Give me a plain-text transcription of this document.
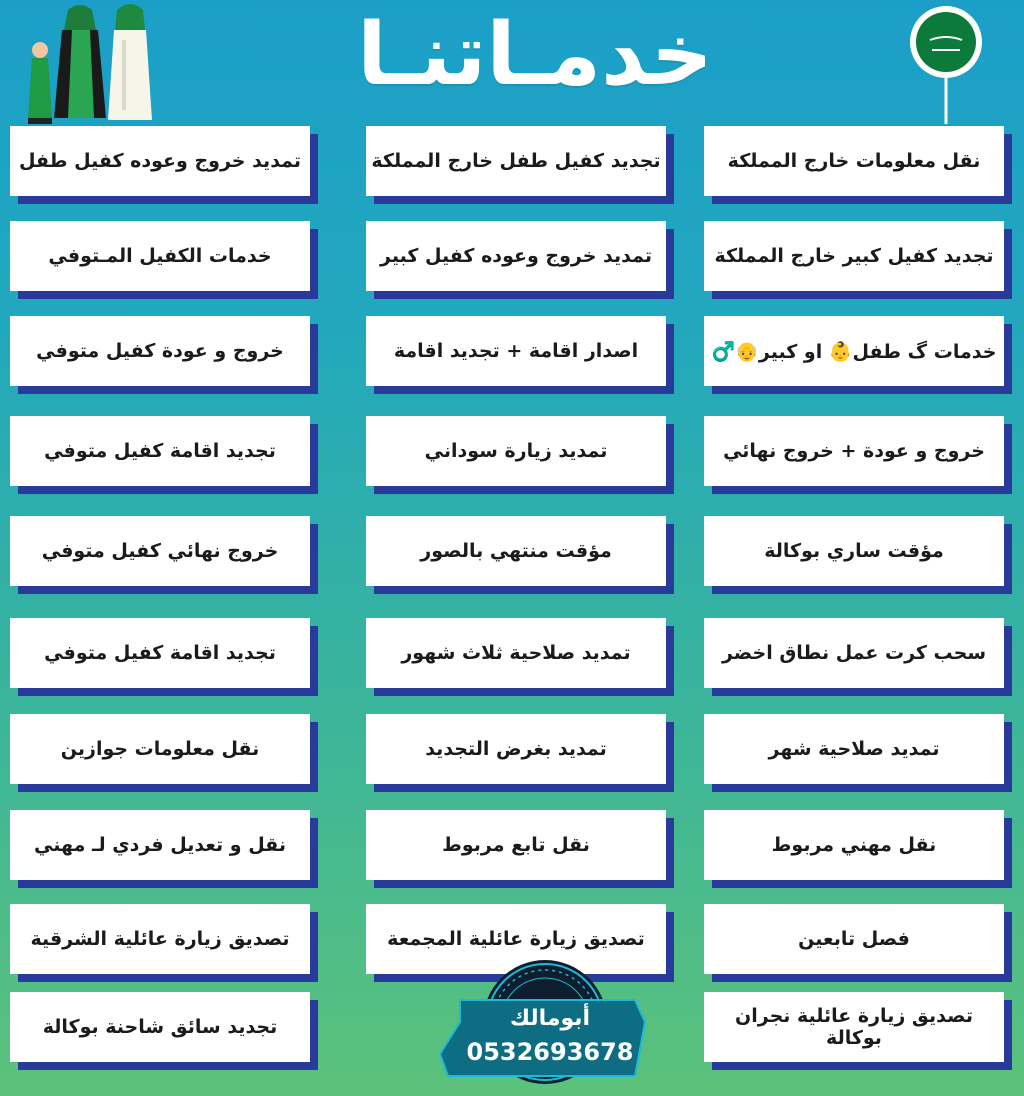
خدمـاتنـا
تمديد خروج وعوده كفيل طفل	تجديد كفيل طفل خارج المملكة	نقل معلومات خارج المملكة
خدمات الكفيل المـتوفي	تمديد خروج وعوده كفيل كبير	تجديد كفيل كبير خارج المملكة
خروج و عودة كفيل متوفي	اصدار اقامة + تجديد اقامة	خدمات گ طفل👶 او كبير👴♂️
تجديد اقامة كفيل متوفي	تمديد زيارة سوداني	خروج و عودة + خروج نهائي
خروج نهائي كفيل متوفي	مؤقت منتهي بالصور	مؤقت ساري بوكالة
تجديد اقامة كفيل متوفي	تمديد صلاحية ثلاث شهور	سحب كرت عمل نطاق اخضر
نقل معلومات جوازين	تمديد بغرض التجديد	تمديد صلاحية شهر
نقل و تعديل فردي لـ مهني	نقل تابع مربوط	نقل مهني مربوط
تصديق زيارة عائلية الشرقية	تصديق زيارة عائلية المجمعة	فصل تابعين
تجديد سائق شاحنة بوكالة	تصديق زيارة عائلية نجران بوكالة
أبومالك
0532693678
